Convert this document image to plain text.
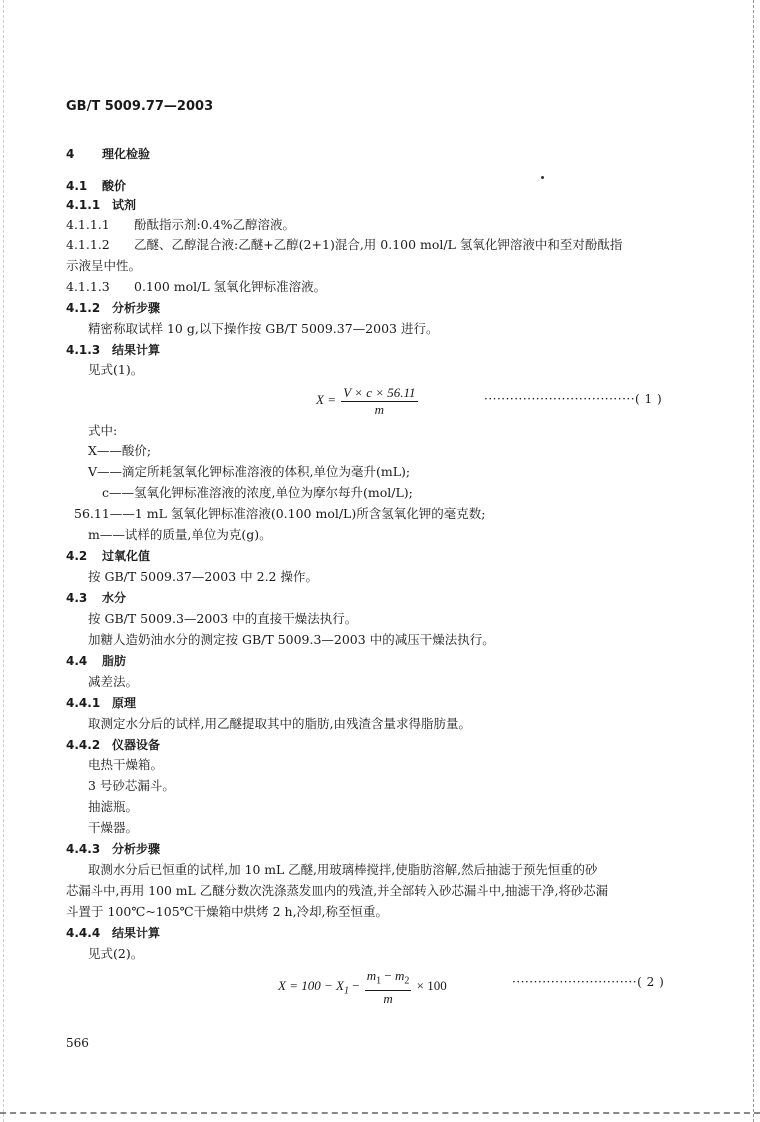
GB/T 5009.77—2003
4 理化检验
4.1 酸价
4.1.1 试剂
4.1.1.1 酚酞指示剂:0.4%乙醇溶液。
4.1.1.2 乙醚、乙醇混合液:乙醚+乙醇(2+1)混合,用 0.100 mol/L 氢氧化钾溶液中和至对酚酞指
示液呈中性。
4.1.1.3 0.100 mol/L 氢氧化钾标准溶液。
4.1.2 分析步骤
精密称取试样 10 g,以下操作按 GB/T 5009.37—2003 进行。
4.1.3 结果计算
见式(1)。
$X = \frac{V \times c \times 56.11}{m}$	···································( 1 )
式中:
X——酸价;
V——滴定所耗氢氧化钾标准溶液的体积,单位为毫升(mL);
c——氢氧化钾标准溶液的浓度,单位为摩尔每升(mol/L);
56.11——1 mL 氢氧化钾标准溶液(0.100 mol/L)所含氢氧化钾的毫克数;
m——试样的质量,单位为克(g)。
4.2 过氧化值
按 GB/T 5009.37—2003 中 2.2 操作。
4.3 水分
按 GB/T 5009.3—2003 中的直接干燥法执行。
加糖人造奶油水分的测定按 GB/T 5009.3—2003 中的减压干燥法执行。
4.4 脂肪
减差法。
4.4.1 原理
取测定水分后的试样,用乙醚提取其中的脂肪,由残渣含量求得脂肪量。
4.4.2 仪器设备
电热干燥箱。
3 号砂芯漏斗。
抽滤瓶。
干燥器。
4.4.3 分析步骤
取测水分后已恒重的试样,加 10 mL 乙醚,用玻璃棒搅拌,使脂肪溶解,然后抽滤于预先恒重的砂
芯漏斗中,再用 100 mL 乙醚分数次洗涤蒸发皿内的残渣,并全部转入砂芯漏斗中,抽滤干净,将砂芯漏
斗置于 100℃~105℃干燥箱中烘烤 2 h,冷却,称至恒重。
4.4.4 结果计算
见式(2)。
$X = 100 - X_1 - \frac{m_1 - m_2}{m} \times 100$	·····························( 2 )
566
